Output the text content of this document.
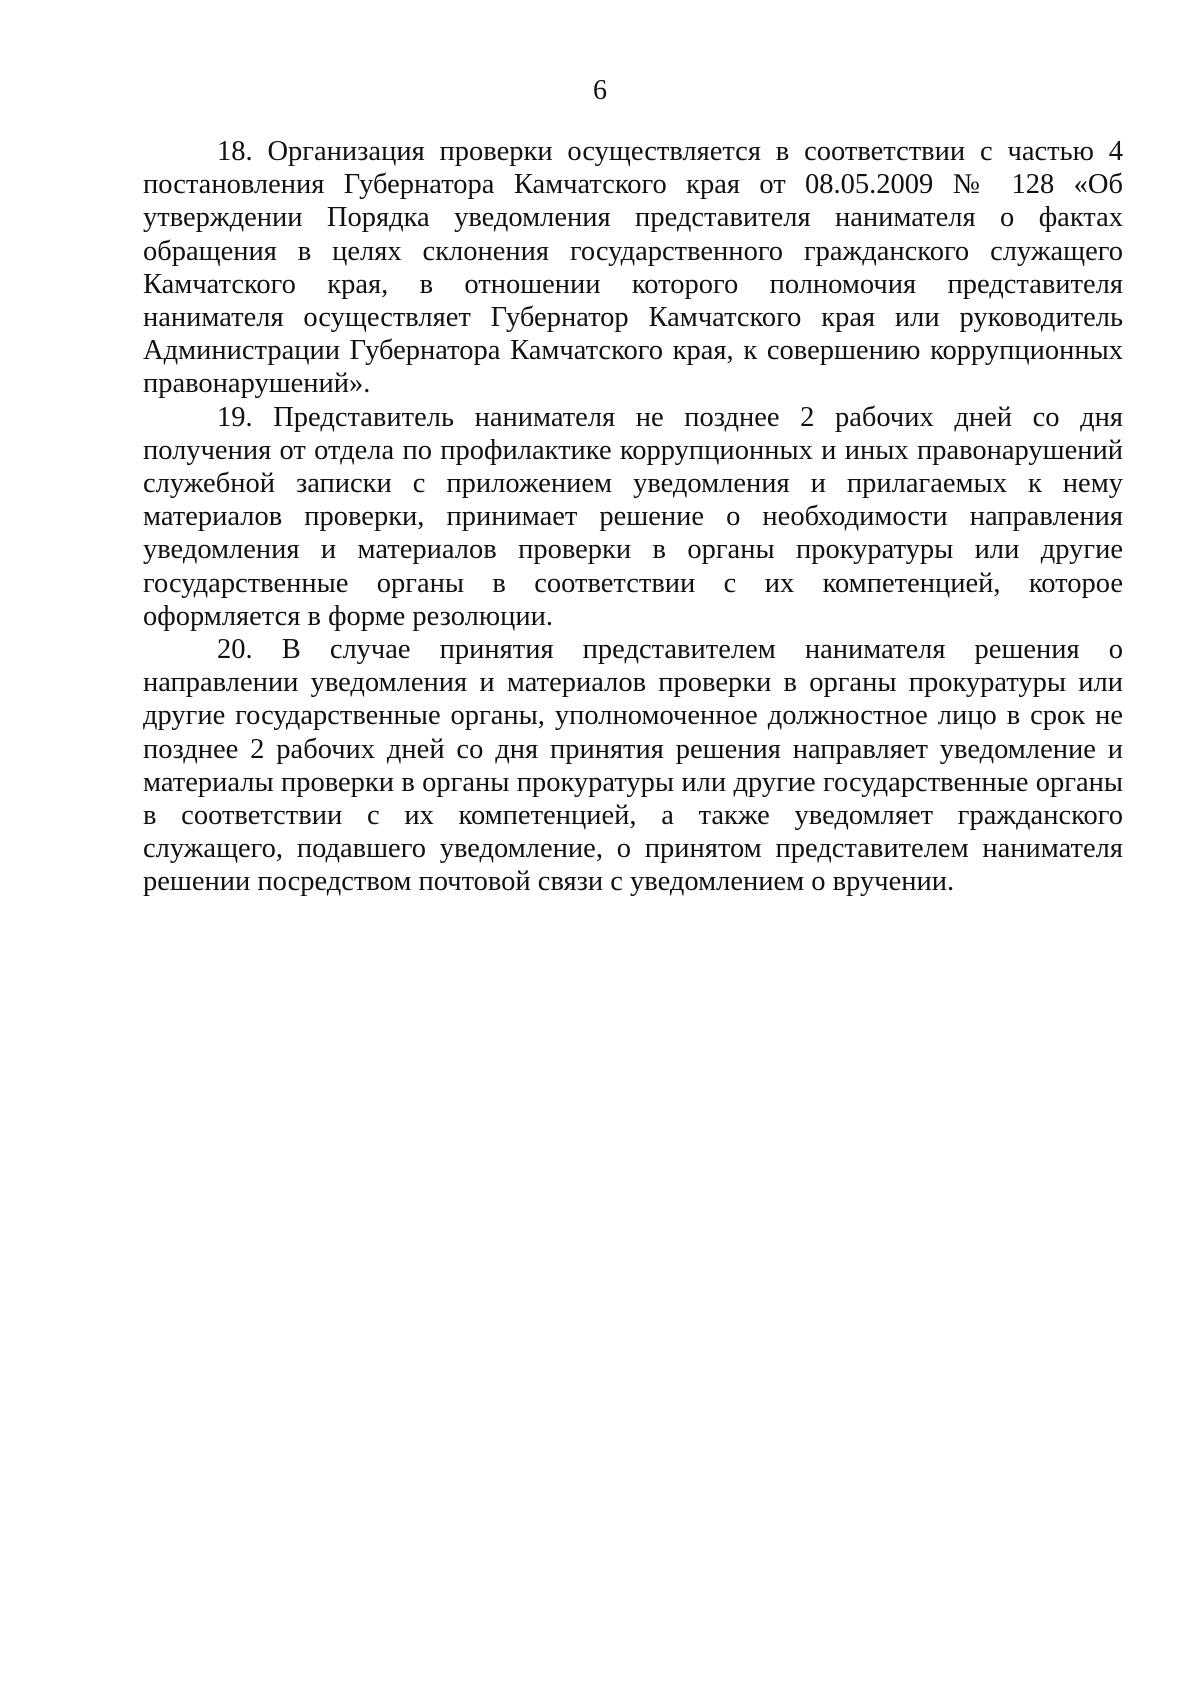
6

18. Организация проверки осуществляется в соответствии с частью 4 постановления Губернатора Камчатского края от 08.05.2009 № 128 «Об утверждении Порядка уведомления представителя нанимателя о фактах обращения в целях склонения государственного гражданского служащего Камчатского края, в отношении которого полномочия представителя нанимателя осуществляет Губернатор Камчатского края или руководитель Администрации Губернатора Камчатского края, к совершению коррупционных правонарушений».

19. Представитель нанимателя не позднее 2 рабочих дней со дня получения от отдела по профилактике коррупционных и иных правонарушений служебной записки с приложением уведомления и прилагаемых к нему материалов проверки, принимает решение о необходимости направления уведомления и материалов проверки в органы прокуратуры или другие государственные органы в соответствии с их компетенцией, которое оформляется в форме резолюции.

20. В случае принятия представителем нанимателя решения о направлении уведомления и материалов проверки в органы прокуратуры или другие государственные органы, уполномоченное должностное лицо в срок не позднее 2 рабочих дней со дня принятия решения направляет уведомление и материалы проверки в органы прокуратуры или другие государственные органы в соответствии с их компетенцией, а также уведомляет гражданского служащего, подавшего уведомление, о принятом представителем нанимателя решении посредством почтовой связи с уведомлением о вручении.
